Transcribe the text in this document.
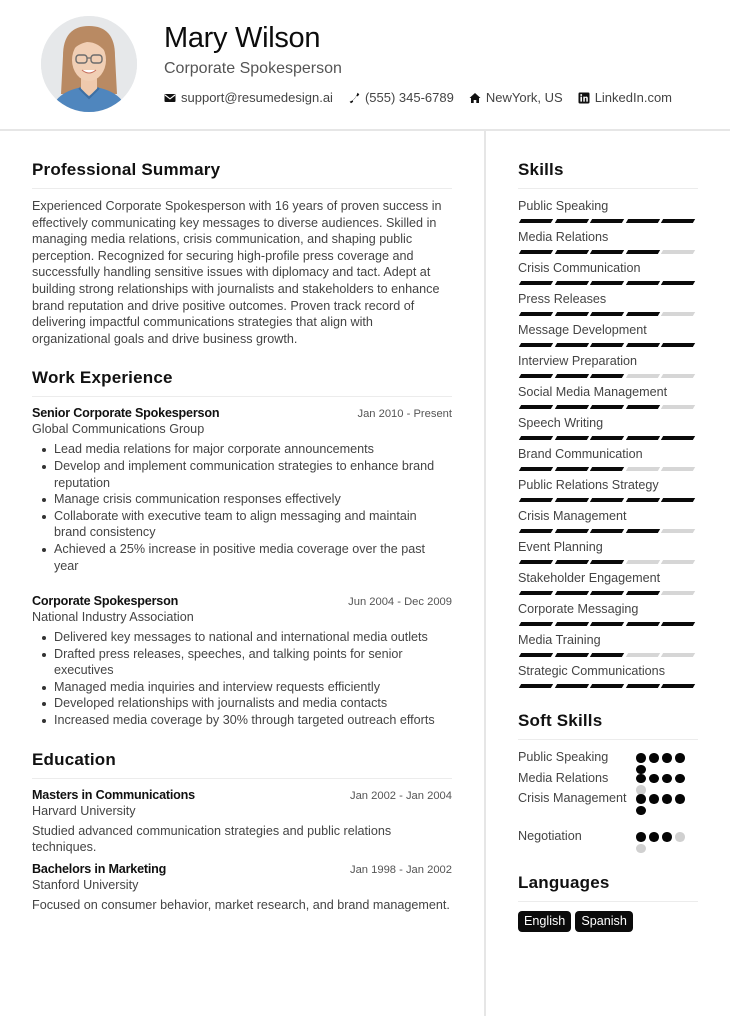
Mary Wilson
Corporate Spokesperson
support@resumedesign.ai (555) 345-6789 NewYork, US LinkedIn.com
Professional Summary

Experienced Corporate Spokesperson with 16 years of proven success in effectively communicating key messages to diverse audiences. Skilled in managing media relations, crisis communication, and shaping public perception. Recognized for securing high-profile press coverage and successfully handling sensitive issues with diplomacy and tact. Adept at building strong relationships with journalists and stakeholders to enhance brand reputation and drive positive outcomes. Proven track record of delivering impactful communications strategies that align with organizational goals and drive business growth.

Work Experience
Senior Corporate Spokesperson	Jan 2010 - Present
Global Communications Group
Lead media relations for major corporate announcements
Develop and implement communication strategies to enhance brand reputation
Manage crisis communication responses effectively
Collaborate with executive team to align messaging and maintain brand consistency
Achieved a 25% increase in positive media coverage over the past year
Corporate Spokesperson	Jun 2004 - Dec 2009
National Industry Association
Delivered key messages to national and international media outlets
Drafted press releases, speeches, and talking points for senior executives
Managed media inquiries and interview requests efficiently
Developed relationships with journalists and media contacts
Increased media coverage by 30% through targeted outreach efforts
Education
Masters in Communications	Jan 2002 - Jan 2004
Harvard University
Studied advanced communication strategies and public relations techniques.
Bachelors in Marketing	Jan 1998 - Jan 2002
Stanford University
Focused on consumer behavior, market research, and brand management.
Skills
Public Speaking
Media Relations
Crisis Communication
Press Releases
Message Development
Interview Preparation
Social Media Management
Speech Writing
Brand Communication
Public Relations Strategy
Crisis Management
Event Planning
Stakeholder Engagement
Corporate Messaging
Media Training
Strategic Communications
Soft Skills
Public Speaking
Media Relations
Crisis Management
Negotiation
Languages
English	Spanish
